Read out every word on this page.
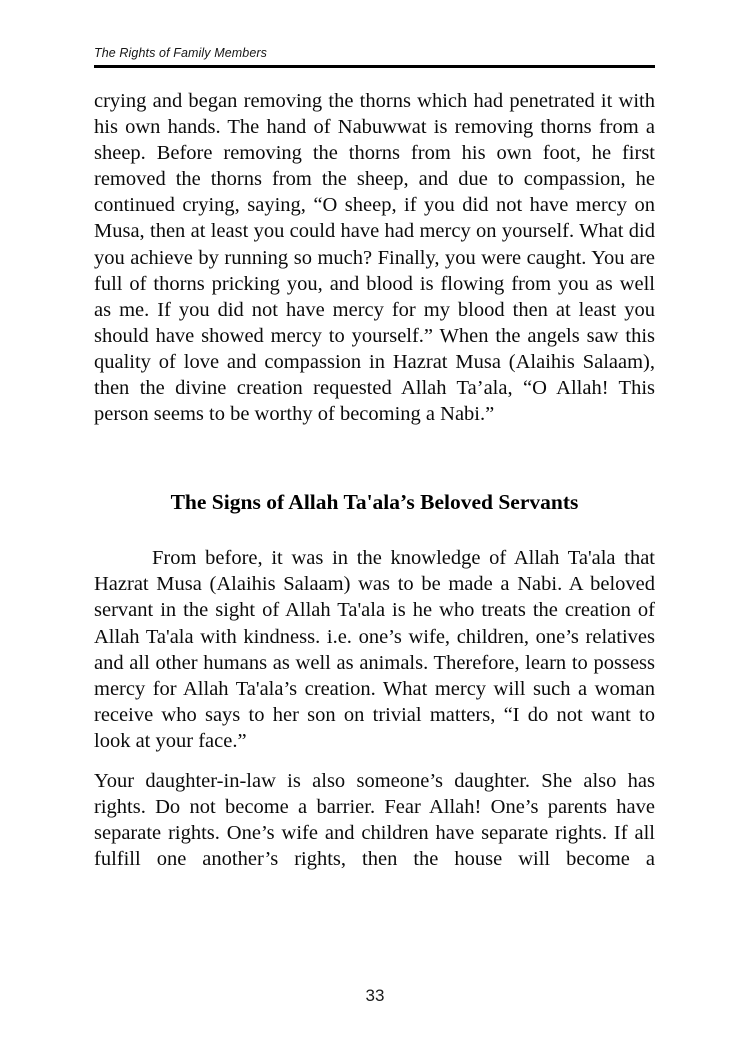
The Rights of Family Members

crying and began removing the thorns which had penetrated it with his own hands. The hand of Nabuwwat is removing thorns from a sheep. Before removing the thorns from his own foot, he first removed the thorns from the sheep, and due to compassion, he continued crying, saying, “O sheep, if you did not have mercy on Musa, then at least you could have had mercy on yourself. What did you achieve by running so much? Finally, you were caught. You are full of thorns pricking you, and blood is flowing from you as well as me. If you did not have mercy for my blood then at least you should have showed mercy to yourself.” When the angels saw this quality of love and compassion in Hazrat Musa (Alaihis Salaam), then the divine creation requested Allah Ta’ala, “O Allah! This person seems to be worthy of becoming a Nabi.”

The Signs of Allah Ta'ala’s Beloved Servants

From before, it was in the knowledge of Allah Ta'ala that Hazrat Musa (Alaihis Salaam) was to be made a Nabi. A beloved servant in the sight of Allah Ta'ala is he who treats the creation of Allah Ta'ala with kindness. i.e. one’s wife, children, one’s relatives and all other humans as well as animals. Therefore, learn to possess mercy for Allah Ta'ala’s creation. What mercy will such a woman receive who says to her son on trivial matters, “I do not want to look at your face.”

Your daughter-in-law is also someone’s daughter. She also has rights. Do not become a barrier. Fear Allah! One’s parents have separate rights. One’s wife and children have separate rights. If all fulfill one another’s rights, then the house will become a

33
